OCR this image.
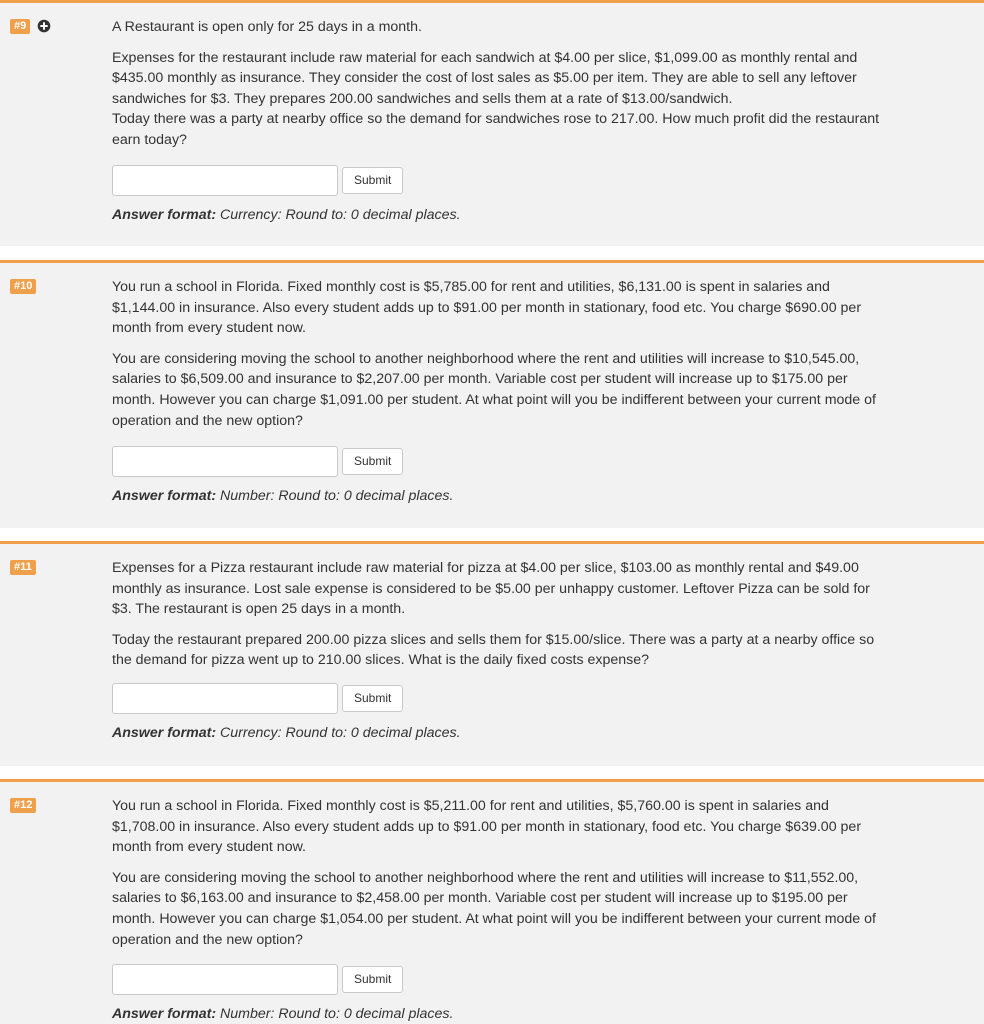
#9	A Restaurant is open only for 25 days in a month.

Expenses for the restaurant include raw material for each sandwich at $4.00 per slice, $1,099.00 as monthly rental and $435.00 monthly as insurance. They consider the cost of lost sales as $5.00 per item. They are able to sell any leftover sandwiches for $3. They prepares 200.00 sandwiches and sells them at a rate of $13.00/sandwich.

Today there was a party at nearby office so the demand for sandwiches rose to 217.00. How much profit did the restaurant earn today?

Submit
Answer format: Currency: Round to: 0 decimal places.
#10	You run a school in Florida. Fixed monthly cost is $5,785.00 for rent and utilities, $6,131.00 is spent in salaries and $1,144.00 in insurance. Also every student adds up to $91.00 per month in stationary, food etc. You charge $690.00 per month from every student now.

You are considering moving the school to another neighborhood where the rent and utilities will increase to $10,545.00, salaries to $6,509.00 and insurance to $2,207.00 per month. Variable cost per student will increase up to $175.00 per month. However you can charge $1,091.00 per student. At what point will you be indifferent between your current mode of operation and the new option?

Submit
Answer format: Number: Round to: 0 decimal places.
#11	Expenses for a Pizza restaurant include raw material for pizza at $4.00 per slice, $103.00 as monthly rental and $49.00 monthly as insurance. Lost sale expense is considered to be $5.00 per unhappy customer. Leftover Pizza can be sold for $3. The restaurant is open 25 days in a month.

Today the restaurant prepared 200.00 pizza slices and sells them for $15.00/slice. There was a party at a nearby office so the demand for pizza went up to 210.00 slices. What is the daily fixed costs expense?

Submit
Answer format: Currency: Round to: 0 decimal places.
#12	You run a school in Florida. Fixed monthly cost is $5,211.00 for rent and utilities, $5,760.00 is spent in salaries and $1,708.00 in insurance. Also every student adds up to $91.00 per month in stationary, food etc. You charge $639.00 per month from every student now.

You are considering moving the school to another neighborhood where the rent and utilities will increase to $11,552.00, salaries to $6,163.00 and insurance to $2,458.00 per month. Variable cost per student will increase up to $195.00 per month. However you can charge $1,054.00 per student. At what point will you be indifferent between your current mode of operation and the new option?

Submit
Answer format: Number: Round to: 0 decimal places.
